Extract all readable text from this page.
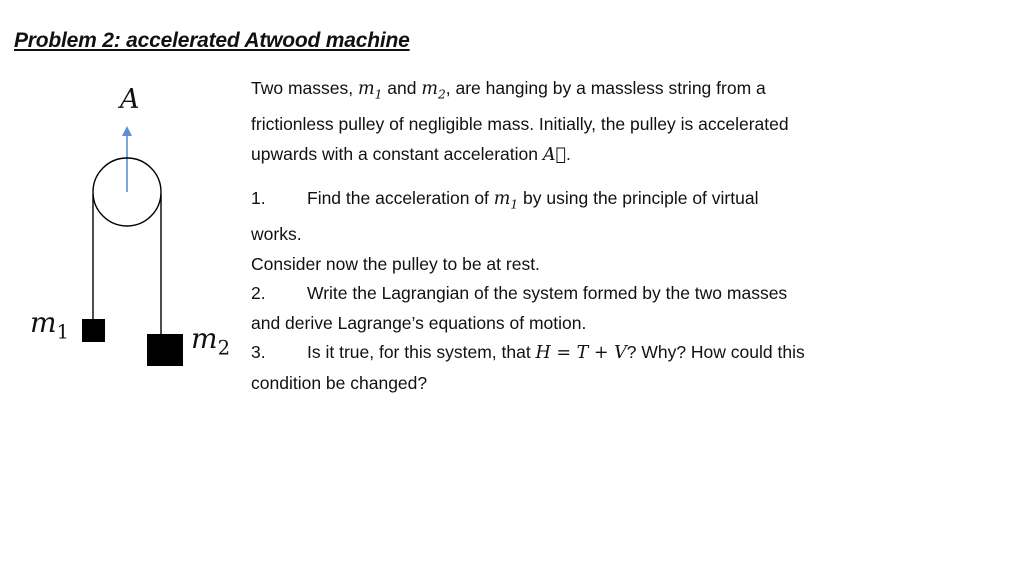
Problem 2: accelerated Atwood machine
A
$m_1$	$m_2$

Two masses, $m_1$ and $m_2$, are hanging by a massless string from a

frictionless pulley of negligible mass. Initially, the pulley is accelerated

upwards with a constant acceleration A⃗.

1. Find the acceleration of $m_1$ by using the principle of virtual

works.

Consider now the pulley to be at rest.

2. Write the Lagrangian of the system formed by the two masses

and derive Lagrange’s equations of motion.

3. Is it true, for this system, that H = T + V? Why? How could this

condition be changed?
